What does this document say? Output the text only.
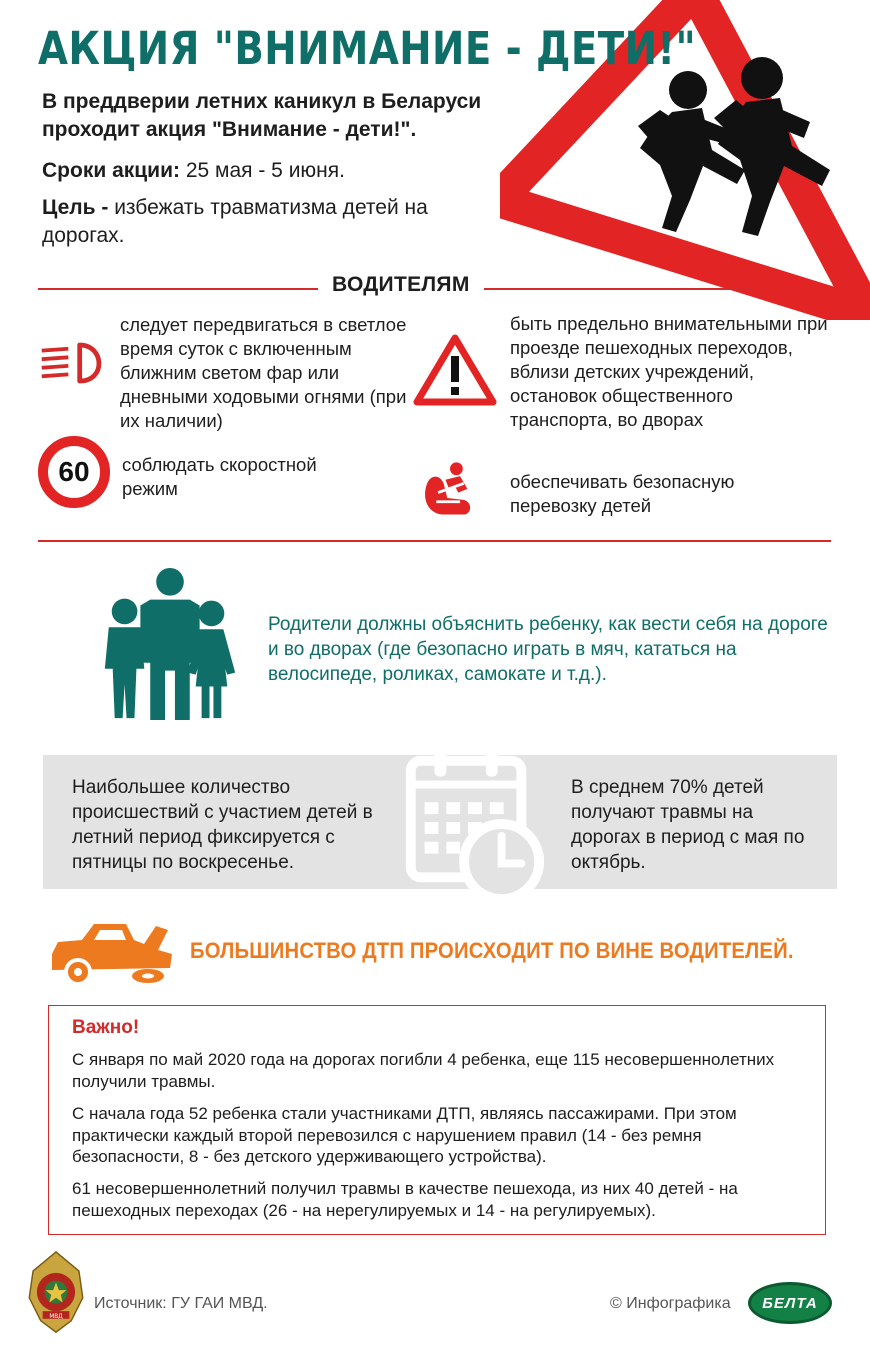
АКЦИЯ "ВНИМАНИЕ - ДЕТИ!"
В преддверии летних каникул в Беларуси проходит акция "Внимание - дети!".
Сроки акции: 25 мая - 5 июня.
Цель - избежать травматизма детей на дорогах.
ВОДИТЕЛЯМ
следует передвигаться в светлое время суток с включенным ближним светом фар или дневными ходовыми огнями (при их наличии)
60 соблюдать скоростной режим
быть предельно внимательными при проезде пешеходных переходов, вблизи детских учреждений, остановок общественного транспорта, во дворах
обеспечивать безопасную перевозку детей
Родители должны объяснить ребенку, как вести себя на дороге и во дворах (где безопасно играть в мяч, кататься на велосипеде, роликах, самокате и т.д.).
Наибольшее количество происшествий с участием детей в летний период фиксируется с пятницы по воскресенье.
В среднем 70% детей получают травмы на дорогах в период с мая по октябрь.
БОЛЬШИНСТВО ДТП ПРОИСХОДИТ ПО ВИНЕ ВОДИТЕЛЕЙ.
Важно!
С января по май 2020 года на дорогах погибли 4 ребенка, еще 115 несовершеннолетних получили травмы.
С начала года 52 ребенка стали участниками ДТП, являясь пассажирами. При этом практически каждый второй перевозился с нарушением правил (14 - без ремня безопасности, 8 - без детского удерживающего устройства).
61 несовершеннолетний получил травмы в качестве пешехода, из них 40 детей - на пешеходных переходах (26 - на нерегулируемых и 14 - на регулируемых).
МВД
Источник: ГУ ГАИ МВД.	© Инфографика БЕЛТА
